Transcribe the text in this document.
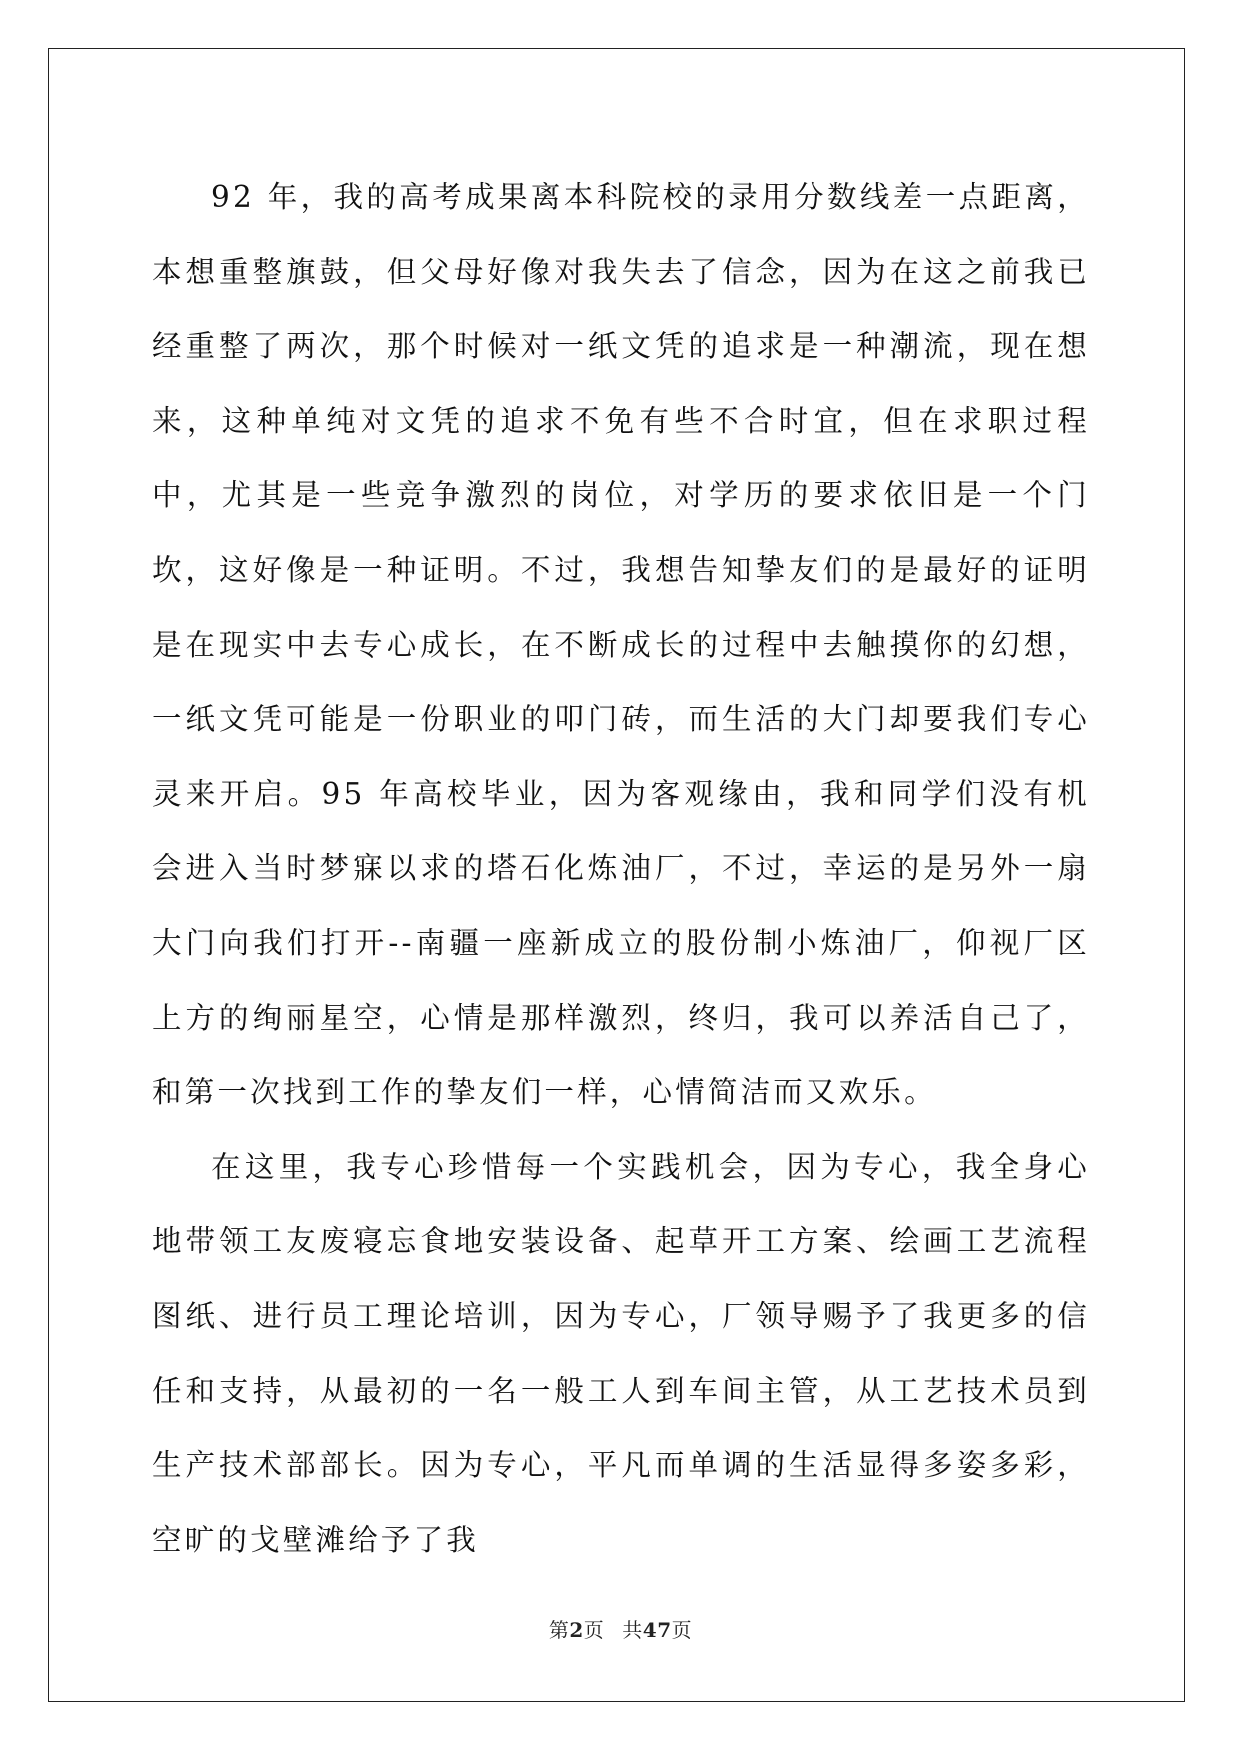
92 年，我的高考成果离本科院校的录用分数线差一点距离，本想重整旗鼓，但父母好像对我失去了信念，因为在这之前我已经重整了两次，那个时候对一纸文凭的追求是一种潮流，现在想来，这种单纯对文凭的追求不免有些不合时宜，但在求职过程中，尤其是一些竞争激烈的岗位，对学历的要求依旧是一个门坎，这好像是一种证明。不过，我想告知挚友们的是最好的证明是在现实中去专心成长，在不断成长的过程中去触摸你的幻想，一纸文凭可能是一份职业的叩门砖，而生活的大门却要我们专心灵来开启。95 年高校毕业，因为客观缘由，我和同学们没有机会进入当时梦寐以求的塔石化炼油厂，不过，幸运的是另外一扇大门向我们打开--南疆一座新成立的股份制小炼油厂，仰视厂区上方的绚丽星空，心情是那样激烈，终归，我可以养活自己了，和第一次找到工作的挚友们一样，心情简洁而又欢乐。

在这里，我专心珍惜每一个实践机会，因为专心，我全身心地带领工友废寝忘食地安装设备、起草开工方案、绘画工艺流程图纸、进行员工理论培训，因为专心，厂领导赐予了我更多的信任和支持，从最初的一名一般工人到车间主管，从工艺技术员到生产技术部部长。因为专心，平凡而单调的生活显得多姿多彩，空旷的戈壁滩给予了我

第2页 共47页
